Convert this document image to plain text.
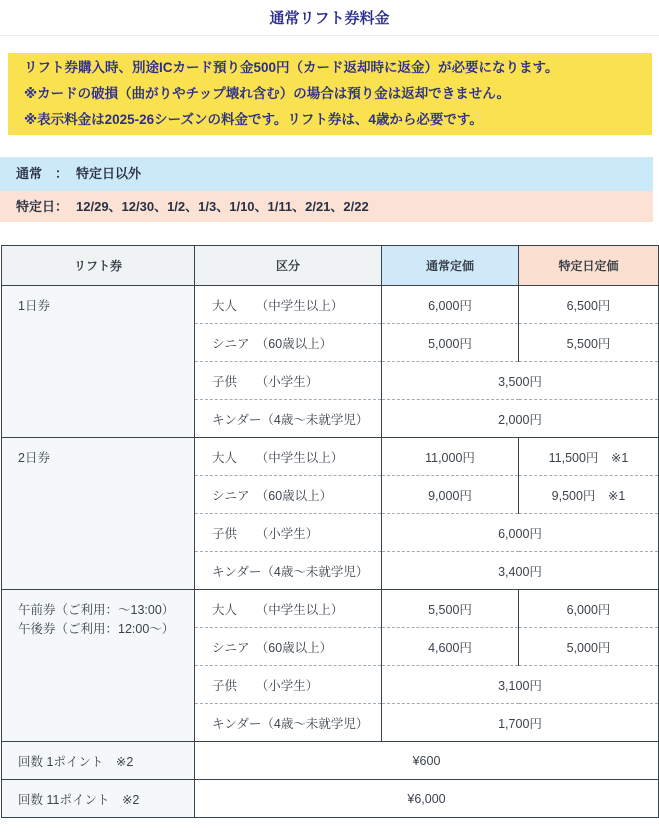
通常リフト券料金
リフト券購入時、別途ICカード預り金500円（カード返却時に返金）が必要になります。
※カードの破損（曲がりやチップ壊れ含む）の場合は預り金は返却できません。
※表示料金は2025-26シーズンの料金です。リフト券は、4歳から必要です。
通常　： 特定日以外
特定日： 12/29、12/30、1/2、1/3、1/10、1/11、2/21、2/22
リフト券	区分	通常定価	特定日定価

1日券	大人　　（中学生以上）	6,000円	6,500円
	シニア　（60歳以上）	5,000円	5,500円
	子供　　（小学生）	3,500円	
	キンダー（4歳～未就学児）	2,000円	

2日券	大人　　（中学生以上）	11,000円	11,500円　※1
	シニア　（60歳以上）	9,000円	9,500円　※1
	子供　　（小学生）	6,000円	
	キンダー（4歳～未就学児）	3,400円	

午前券（ご利用：～13:00）
午後券（ご利用：12:00～）	大人　　（中学生以上）	5,500円	6,000円
	シニア　（60歳以上）	4,600円	5,000円
	子供　　（小学生）	3,100円	
	キンダー（4歳～未就学児）	1,700円	
回数 1ポイント　※2	¥600		
回数 11ポイント　※2	¥6,000		
